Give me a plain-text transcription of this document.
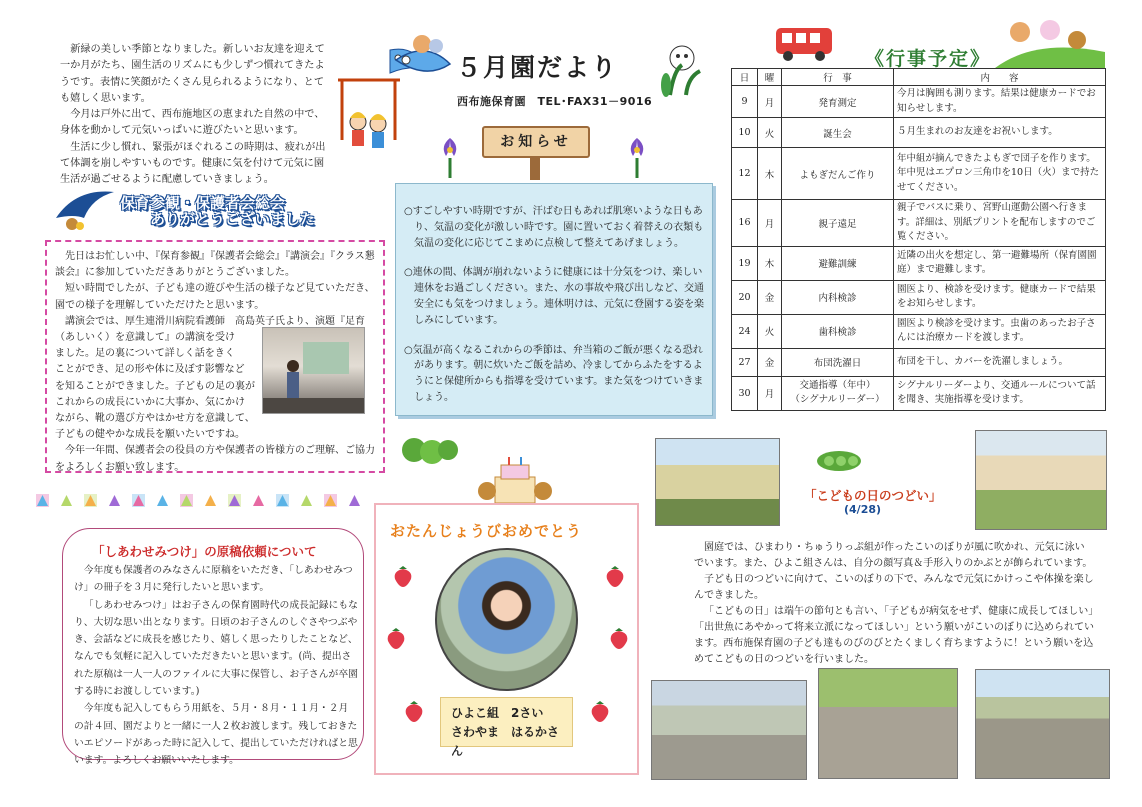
新緑の美しい季節となりました。新しいお友達を迎えて一か月がたち、園生活のリズムにも少しずつ慣れてきたようです。表情に笑顔がたくさん見られるようになり、とても嬉しく思います。

今月は戸外に出て、西布施地区の恵まれた自然の中で、身体を動かして元気いっぱいに遊びたいと思います。

生活に少し慣れ、緊張がほぐれるこの時期は、疲れが出て体調を崩しやすいものです。健康に気を付けて元気に園生活が過ごせるように配慮していきましょう。

５月園だより
西布施保育園　TEL･FAX31－9016
お知らせ

○すごしやすい時期ですが、汗ばむ日もあれば肌寒いような日もあり、気温の変化が激しい時です。園に置いておく着替えの衣類も気温の変化に応じてこまめに点検して整えてあげましょう。

○連休の間、体調が崩れないように健康には十分気をつけ、楽しい連休をお過ごしください。また、水の事故や飛び出しなど、交通安全にも気をつけましょう。連休明けは、元気に登園する姿を楽しみにしています。

○気温が高くなるこれからの季節は、弁当箱のご飯が悪くなる恐れがあります。朝に炊いたご飯を詰め、冷ましてからふたをするようにと保健所からも指導を受けています。また気をつけていきましょう。

保育参観・保護者会総会
ありがとうございました

先日はお忙しい中、『保育参観』『保護者会総会』『講演会』『クラス懇談会』に参加していただきありがとうございました。

短い時間でしたが、子ども達の遊びや生活の様子など見ていただき、園での様子を理解していただけたと思います。

講演会では、厚生連滑川病院看護師　高島英子氏より、演題『足育（あしいく）を意識して』の講演を受け
ました。足の裏について詳しく話をきく
ことができ、足の形や体に及ぼす影響など
を知ることができました。子どもの足の裏が
これからの成長にいかに大事か、気にかけ
ながら、靴の選び方やはかせ方を意識して、
子どもの健やかな成長を願いたいですね。

今年一年間、保護者会の役員の方や保護者の皆様方のご理解、ご協力をよろしくお願い致します。

「しあわせみつけ」の原稿依頼について

今年度も保護者のみなさんに原稿をいただき、「しあわせみつけ」の冊子を３月に発行したいと思います。

「しあわせみつけ」はお子さんの保育園時代の成長記録にもなり、大切な思い出となります。日頃のお子さんのしぐさやつぶやき、会話などに成長を感じたり、嬉しく思ったりしたことなど、なんでも気軽に記入していただきたいと思います。(尚、提出された原稿は一人一人のファイルに大事に保管し、お子さんが卒園する時にお渡ししています。)

今年度も記入してもらう用紙を、５月・８月・１１月・２月の計４回、園だよりと一緒に一人２枚お渡します。残しておきたいエピソードがあった時に記入して、提出していただければと思います。よろしくお願いいたします。

おたんじょうびおめでとう
ひよこ組　2さい
さわやま　はるかさん
《行事予定》
日	曜	行　事	内　　容
9	月	発育測定	今月は胸囲も測ります。結果は健康カードでお知らせします。
10	火	誕生会	５月生まれのお友達をお祝いします。
12	木	よもぎだんご作り	年中組が摘んできたよもぎで団子を作ります。年中児はエプロン三角巾を10日（火）まで持たせてください。
16	月	親子遠足	親子でバスに乗り、宮野山運動公園へ行きます。詳細は、別紙プリントを配布しますのでご覧ください。
19	木	避難訓練	近隣の出火を想定し、第一避難場所（保育園園庭）まで避難します。
20	金	内科検診	園医より、検診を受けます。健康カードで結果をお知らせします。
24	火	歯科検診	園医より検診を受けます。虫歯のあったお子さんには治療カードを渡します。
27	金	布団洗濯日	布団を干し、カバーを洗濯しましょう。
30	月	交通指導（年中）
（シグナルリーダー）	シグナルリーダーより、交通ルールについて話を聞き、実施指導を受けます。
「こどもの日のつどい」
(4/28)

園庭では、ひまわり・ちゅうりっぷ組が作ったこいのぼりが風に吹かれ、元気に泳いでいます。また、ひよこ組さんは、自分の顔写真＆手形入りのかぶとが飾られています。

子ども日のつどいに向けて、こいのぼりの下で、みんなで元気にかけっこや体操を楽しんできました。

「こどもの日」は端午の節句とも言い、「子どもが病気をせず、健康に成長してほしい」「出世魚にあやかって将来立派になってほしい」という願いがこいのぼりに込められています。西布施保育園の子ども達ものびのびとたくましく育ちますように！という願いを込めてこどもの日のつどいを行いました。
